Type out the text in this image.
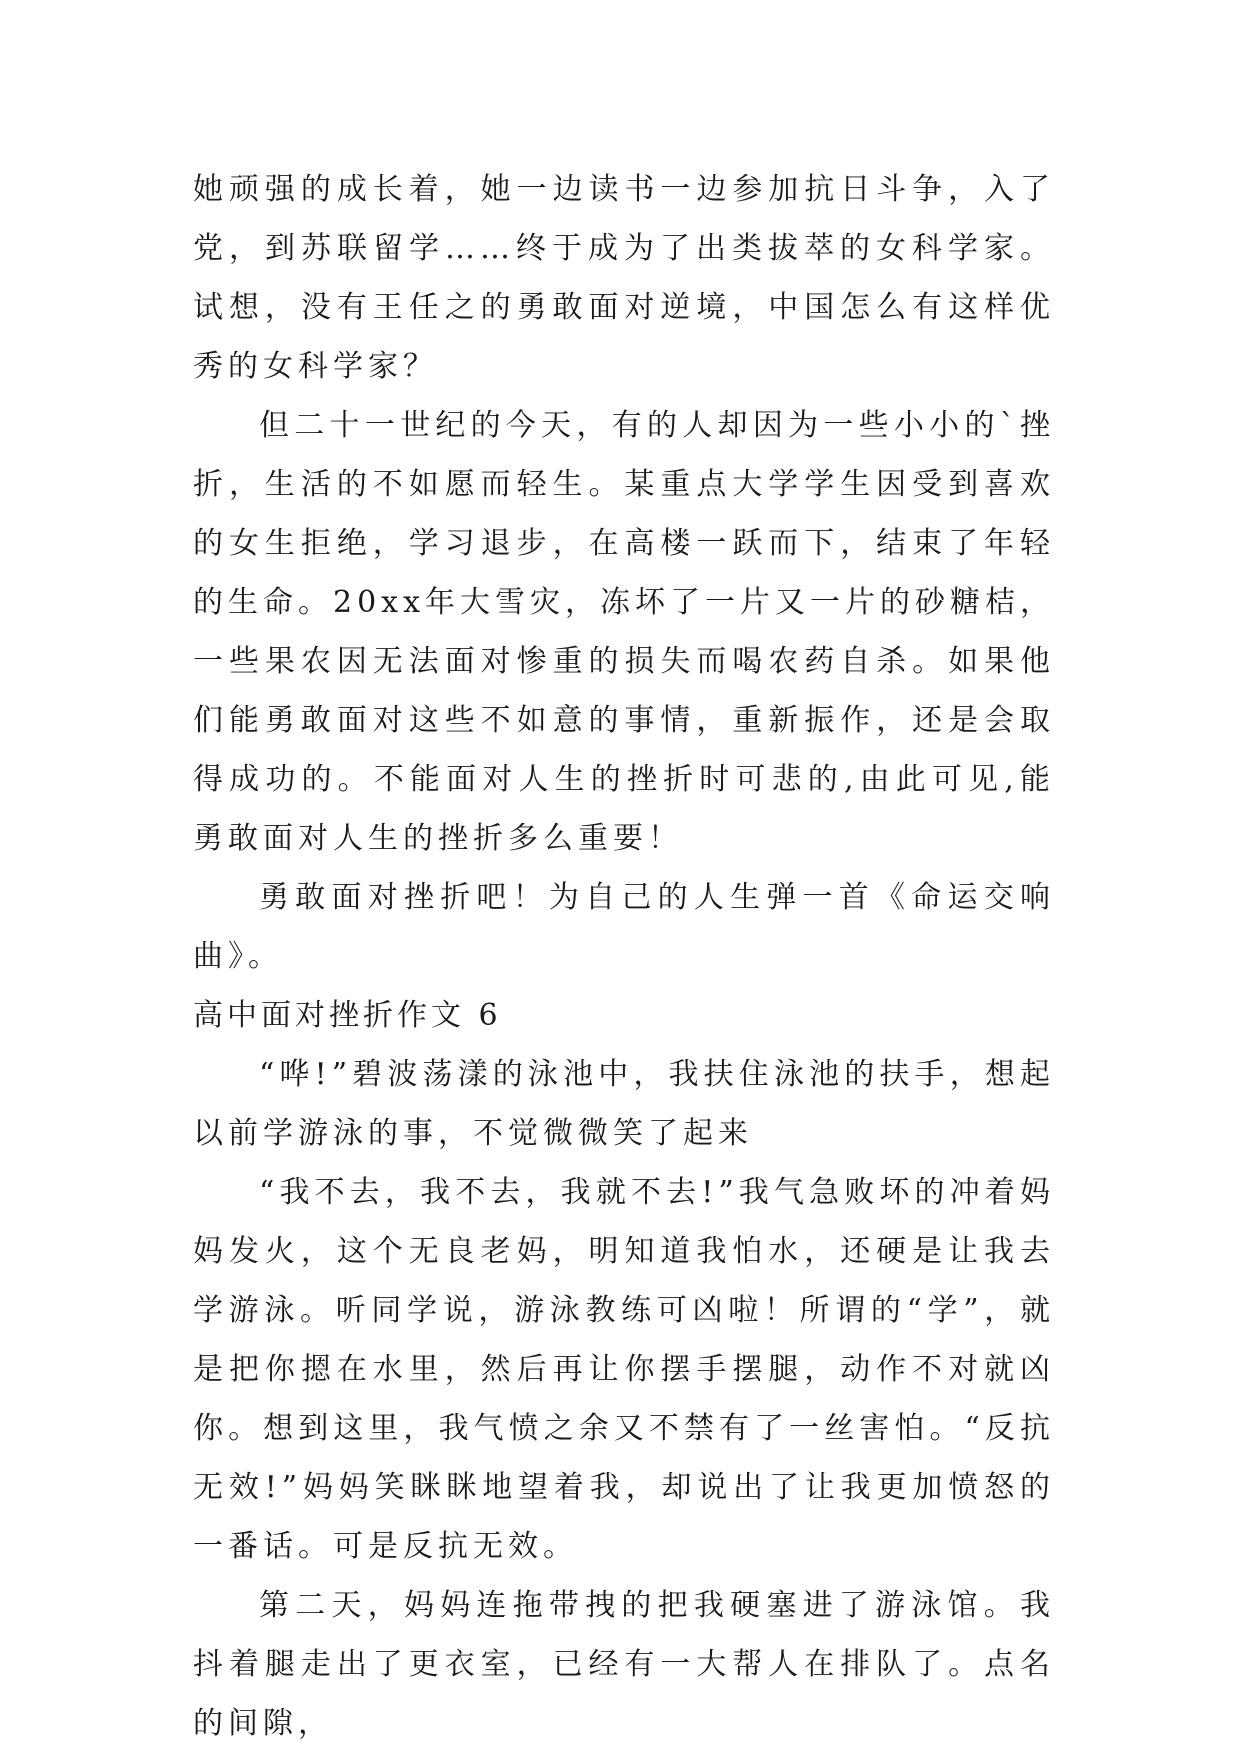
她顽强的成长着，她一边读书一边参加抗日斗争，入了党，到苏联留学……终于成为了出类拔萃的女科学家。试想，没有王任之的勇敢面对逆境，中国怎么有这样优秀的女科学家？

但二十一世纪的今天，有的人却因为一些小小的`挫折，生活的不如愿而轻生。某重点大学学生因受到喜欢的女生拒绝，学习退步，在高楼一跃而下，结束了年轻的生命。20xx年大雪灾，冻坏了一片又一片的砂糖桔，一些果农因无法面对惨重的损失而喝农药自杀。如果他们能勇敢面对这些不如意的事情，重新振作，还是会取得成功的。不能面对人生的挫折时可悲的,由此可见,能勇敢面对人生的挫折多么重要！

勇敢面对挫折吧！为自己的人生弹一首《命运交响曲》。

高中面对挫折作文 6

“哗!”碧波荡漾的泳池中，我扶住泳池的扶手，想起以前学游泳的事，不觉微微笑了起来

“我不去，我不去，我就不去!”我气急败坏的冲着妈妈发火，这个无良老妈，明知道我怕水，还硬是让我去学游泳。听同学说，游泳教练可凶啦！所谓的“学”，就是把你摁在水里，然后再让你摆手摆腿，动作不对就凶你。想到这里，我气愤之余又不禁有了一丝害怕。“反抗无效!”妈妈笑眯眯地望着我，却说出了让我更加愤怒的一番话。可是反抗无效。

第二天，妈妈连拖带拽的把我硬塞进了游泳馆。我抖着腿走出了更衣室，已经有一大帮人在排队了。点名的间隙，
